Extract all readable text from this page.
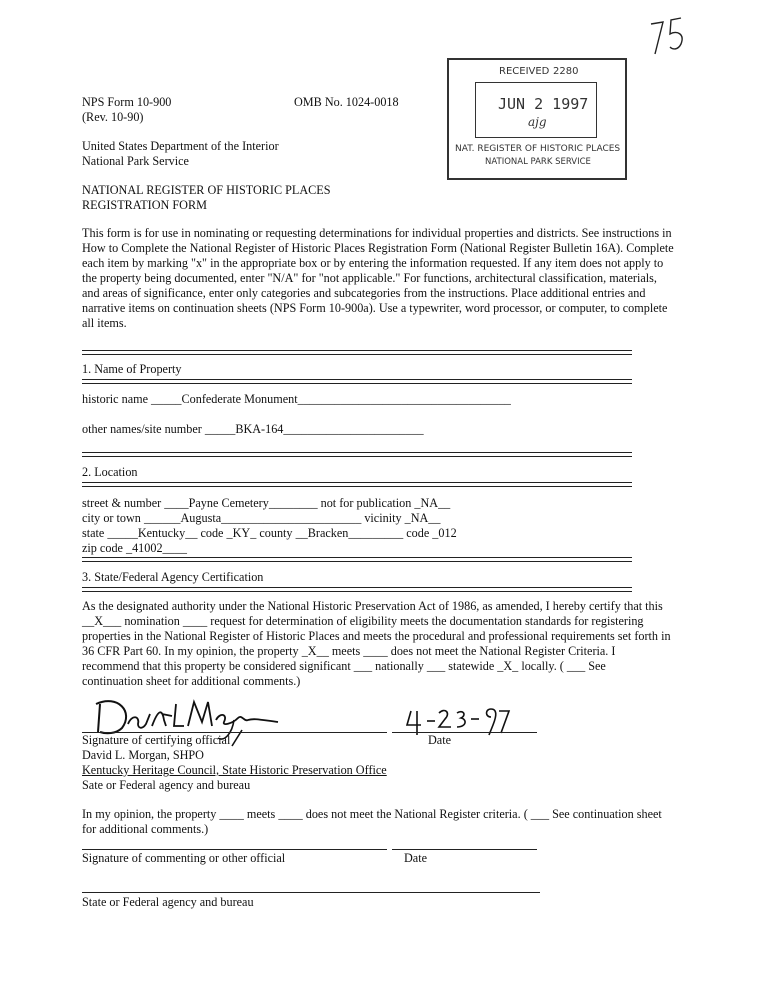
NPS Form 10-900
(Rev. 10-90)
OMB No. 1024-0018
United States Department of the Interior
National Park Service
NATIONAL REGISTER OF HISTORIC PLACES
REGISTRATION FORM
RECEIVED 2280
JUN 2 1997
ajg
NAT. REGISTER OF HISTORIC PLACES
NATIONAL PARK SERVICE
This form is for use in nominating or requesting determinations for individual properties and districts. See instructions in How to Complete the National Register of Historic Places Registration Form (National Register Bulletin 16A). Complete each item by marking "x" in the appropriate box or by entering the information requested. If any item does not apply to the property being documented, enter "N/A" for "not applicable." For functions, architectural classification, materials, and areas of significance, enter only categories and subcategories from the instructions. Place additional entries and narrative items on continuation sheets (NPS Form 10-900a). Use a typewriter, word processor, or computer, to complete all items.
1. Name of Property
historic name _____Confederate Monument___________________________________
other names/site number _____BKA-164_______________________
2. Location
street & number ____Payne Cemetery________ not for publication _NA__
city or town ______Augusta_______________________ vicinity _NA__
state _____Kentucky__ code _KY_ county __Bracken_________ code _012
zip code _41002____
3. State/Federal Agency Certification
As the designated authority under the National Historic Preservation Act of 1986, as amended, I hereby certify that this
__X___ nomination ____ request for determination of eligibility meets the documentation standards for registering
properties in the National Register of Historic Places and meets the procedural and professional requirements set forth in
36 CFR Part 60. In my opinion, the property _X__ meets ____ does not meet the National Register Criteria. I
recommend that this property be considered significant ___ nationally ___ statewide _X_ locally. ( ___ See
continuation sheet for additional comments.)
Signature of certifying official	Date
David L. Morgan, SHPO
Kentucky Heritage Council, State Historic Preservation Office
Sate or Federal agency and bureau
In my opinion, the property ____ meets ____ does not meet the National Register criteria. ( ___ See continuation sheet
for additional comments.)
Signature of commenting or other official	Date
State or Federal agency and bureau
